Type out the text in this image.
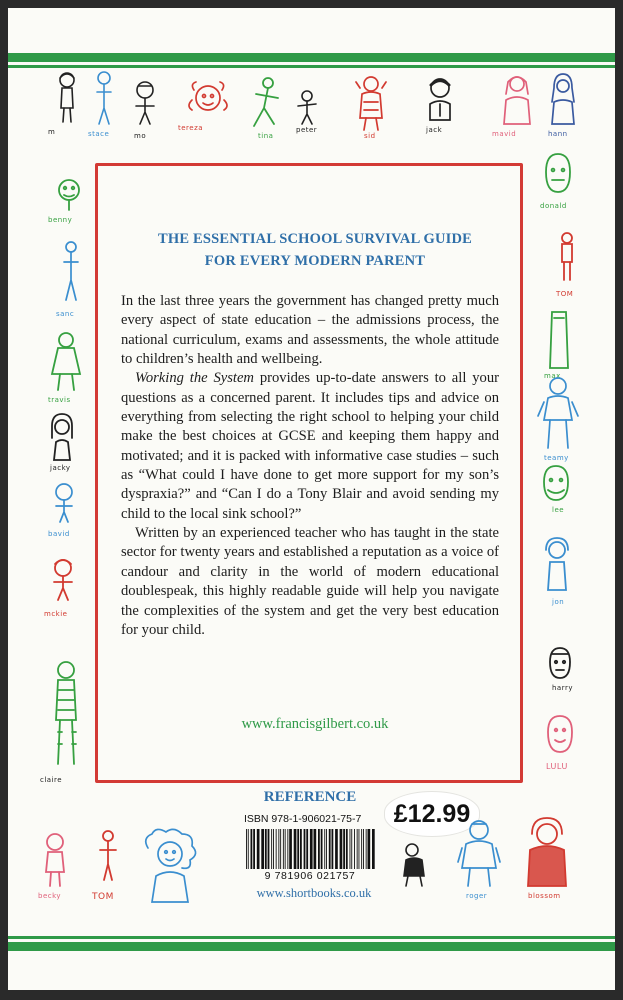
THE ESSENTIAL SCHOOL SURVIVAL GUIDE
FOR EVERY MODERN PARENT

In the last three years the government has changed pretty much every aspect of state education – the admissions process, the national curriculum, exams and assessments, the whole attitude to children’s health and wellbeing.

Working the System provides up-to-date answers to all your questions as a concerned parent. It includes tips and advice on everything from selecting the right school to helping your child make the best choices at GCSE and keeping them happy and motivated; and it is packed with informative case studies – such as “What could I have done to get more support for my son’s dyspraxia?” and “Can I do a Tony Blair and avoid sending my child to the local sink school?”

Written by an experienced teacher who has taught in the state sector for twenty years and established a reputation as a voice of candour and clarity in the world of modern educational doublespeak, this highly readable guide will help you navigate the complexities of the system and get the very best education for your child.

www.francisgilbert.co.uk
REFERENCE
ISBN 978-1-906021-75-7 £12.99
9 781906 021757
www.shortbooks.co.uk
m	stace	mo
tereza
tina
peter
sid
jack	mavid	hann
benny
sanc
travis
jacky
bavid
mckie
claire
donald
TOM
max
teamy
lee
jon
harry
LULU
becky	TOM	roger	blossom
